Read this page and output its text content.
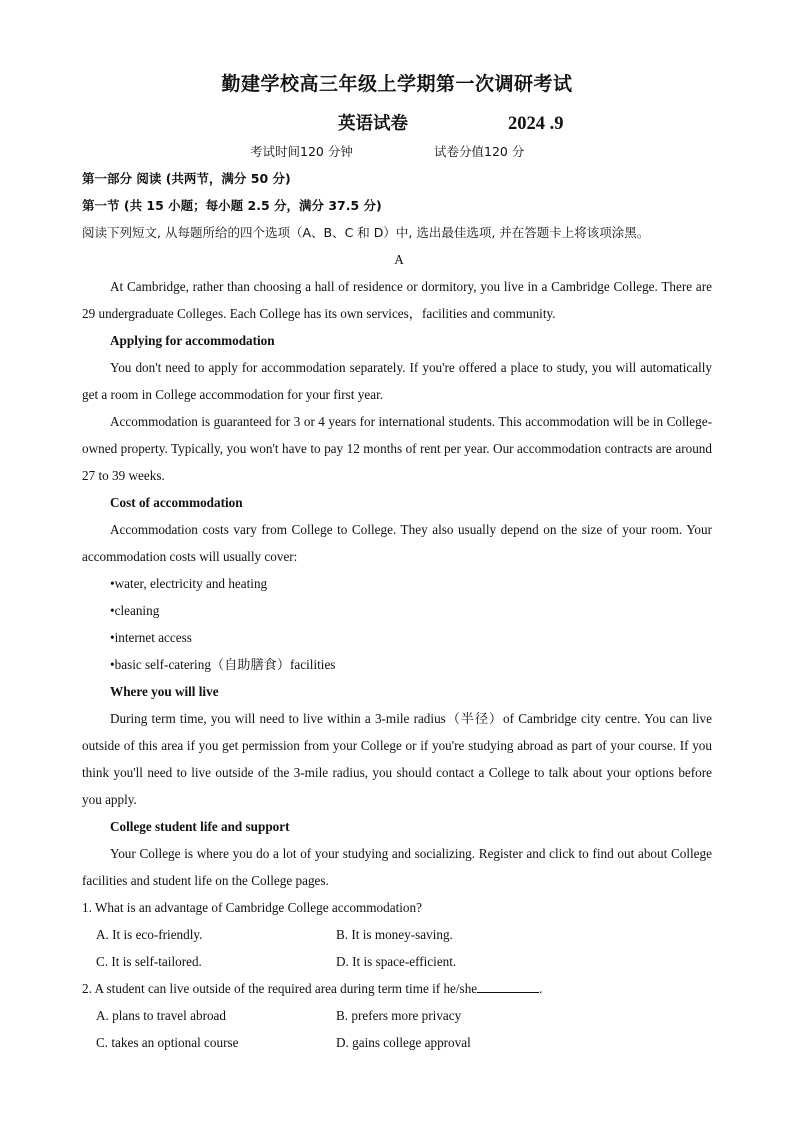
勤建学校高三年级上学期第一次调研考试
英语试卷	2024 .9
考试时间120 分钟	试卷分值120 分
第一部分 阅读 (共两节，满分 50 分)
第一节 (共 15 小题；每小题 2.5 分，满分 37.5 分)
阅读下列短文, 从每题所给的四个选项（A、B、C 和 D）中, 选出最佳选项, 并在答题卡上将该项涂黑。
A

At Cambridge, rather than choosing a hall of residence or dormitory, you live in a Cambridge College. There are 29 undergraduate Colleges. Each College has its own services，facilities and community.

Applying for accommodation

You don't need to apply for accommodation separately. If you're offered a place to study, you will automatically get a room in College accommodation for your first year.

Accommodation is guaranteed for 3 or 4 years for international students. This accommodation will be in College-owned property. Typically, you won't have to pay 12 months of rent per year. Our accommodation contracts are around 27 to 39 weeks.

Cost of accommodation

Accommodation costs vary from College to College. They also usually depend on the size of your room. Your accommodation costs will usually cover:

•water, electricity and heating
•cleaning
•internet access
•basic self-catering（自助膳食）facilities
Where you will live

During term time, you will need to live within a 3-mile radius（半径）of Cambridge city centre. You can live outside of this area if you get permission from your College or if you're studying abroad as part of your course. If you think you'll need to live outside of the 3-mile radius, you should contact a College to talk about your options before you apply.

College student life and support

Your College is where you do a lot of your studying and socializing. Register and click to find out about College facilities and student life on the College pages.

1. What is an advantage of Cambridge College accommodation?
A. It is eco-friendly.	B. It is money-saving.
C. It is self-tailored.	D. It is space-efficient.
2. A student can live outside of the required area during term time if he/she	.
A. plans to travel abroad	B. prefers more privacy
C. takes an optional course	D. gains college approval
